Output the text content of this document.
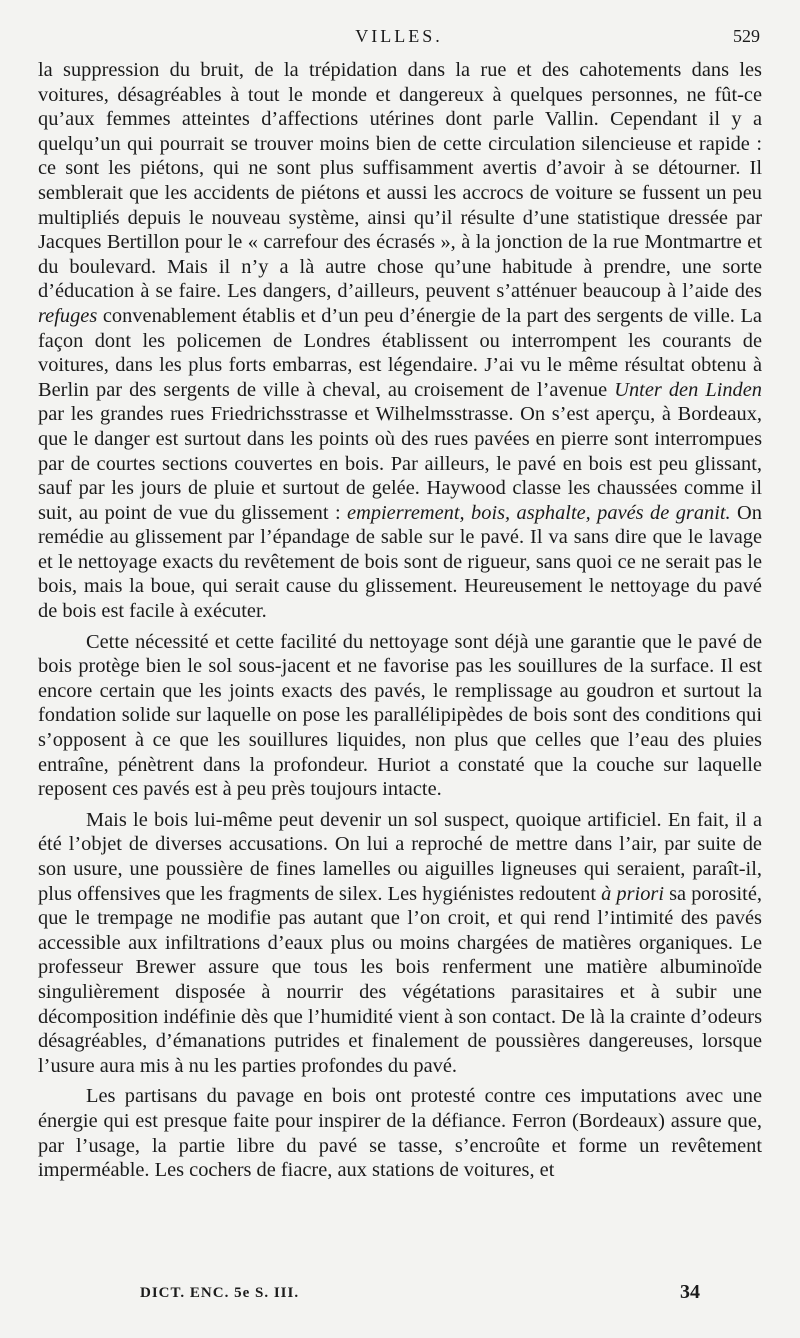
VILLES.	529

la suppression du bruit, de la trépidation dans la rue et des cahotements dans les voitures, désagréables à tout le monde et dangereux à quelques personnes, ne fût-ce qu’aux femmes atteintes d’affections utérines dont parle Vallin. Cependant il y a quelqu’un qui pourrait se trouver moins bien de cette circulation silencieuse et rapide : ce sont les piétons, qui ne sont plus suffisamment avertis d’avoir à se détourner. Il semblerait que les accidents de piétons et aussi les accrocs de voiture se fussent un peu multipliés depuis le nouveau système, ainsi qu’il résulte d’une statistique dressée par Jacques Bertillon pour le « carrefour des écrasés », à la jonction de la rue Montmartre et du boulevard. Mais il n’y a là autre chose qu’une habitude à prendre, une sorte d’éducation à se faire. Les dangers, d’ailleurs, peuvent s’atténuer beaucoup à l’aide des refuges convenablement établis et d’un peu d’énergie de la part des sergents de ville. La façon dont les policemen de Londres établissent ou interrompent les courants de voitures, dans les plus forts embarras, est légendaire. J’ai vu le même résultat obtenu à Berlin par des sergents de ville à cheval, au croisement de l’avenue Unter den Linden par les grandes rues Friedrichsstrasse et Wilhelmsstrasse. On s’est aperçu, à Bordeaux, que le danger est surtout dans les points où des rues pavées en pierre sont interrompues par de courtes sections couvertes en bois. Par ailleurs, le pavé en bois est peu glissant, sauf par les jours de pluie et surtout de gelée. Haywood classe les chaussées comme il suit, au point de vue du glissement : empierrement, bois, asphalte, pavés de granit. On remédie au glissement par l’épandage de sable sur le pavé. Il va sans dire que le lavage et le nettoyage exacts du revêtement de bois sont de rigueur, sans quoi ce ne serait pas le bois, mais la boue, qui serait cause du glissement. Heureusement le nettoyage du pavé de bois est facile à exécuter.

Cette nécessité et cette facilité du nettoyage sont déjà une garantie que le pavé de bois protège bien le sol sous-jacent et ne favorise pas les souillures de la surface. Il est encore certain que les joints exacts des pavés, le remplissage au goudron et surtout la fondation solide sur laquelle on pose les parallélipipèdes de bois sont des conditions qui s’opposent à ce que les souillures liquides, non plus que celles que l’eau des pluies entraîne, pénètrent dans la profondeur. Huriot a constaté que la couche sur laquelle reposent ces pavés est à peu près toujours intacte.

Mais le bois lui-même peut devenir un sol suspect, quoique artificiel. En fait, il a été l’objet de diverses accusations. On lui a reproché de mettre dans l’air, par suite de son usure, une poussière de fines lamelles ou aiguilles ligneuses qui seraient, paraît-il, plus offensives que les fragments de silex. Les hygiénistes redoutent à priori sa porosité, que le trempage ne modifie pas autant que l’on croit, et qui rend l’intimité des pavés accessible aux infiltrations d’eaux plus ou moins chargées de matières organiques. Le professeur Brewer assure que tous les bois renferment une matière albuminoïde singulièrement disposée à nourrir des végétations parasitaires et à subir une décomposition indéfinie dès que l’humidité vient à son contact. De là la crainte d’odeurs désagréables, d’émanations putrides et finalement de poussières dangereuses, lorsque l’usure aura mis à nu les parties profondes du pavé.

Les partisans du pavage en bois ont protesté contre ces imputations avec une énergie qui est presque faite pour inspirer de la défiance. Ferron (Bordeaux) assure que, par l’usage, la partie libre du pavé se tasse, s’encroûte et forme un revêtement imperméable. Les cochers de fiacre, aux stations de voitures, et

DICT. ENC. 5e S. III.	34
